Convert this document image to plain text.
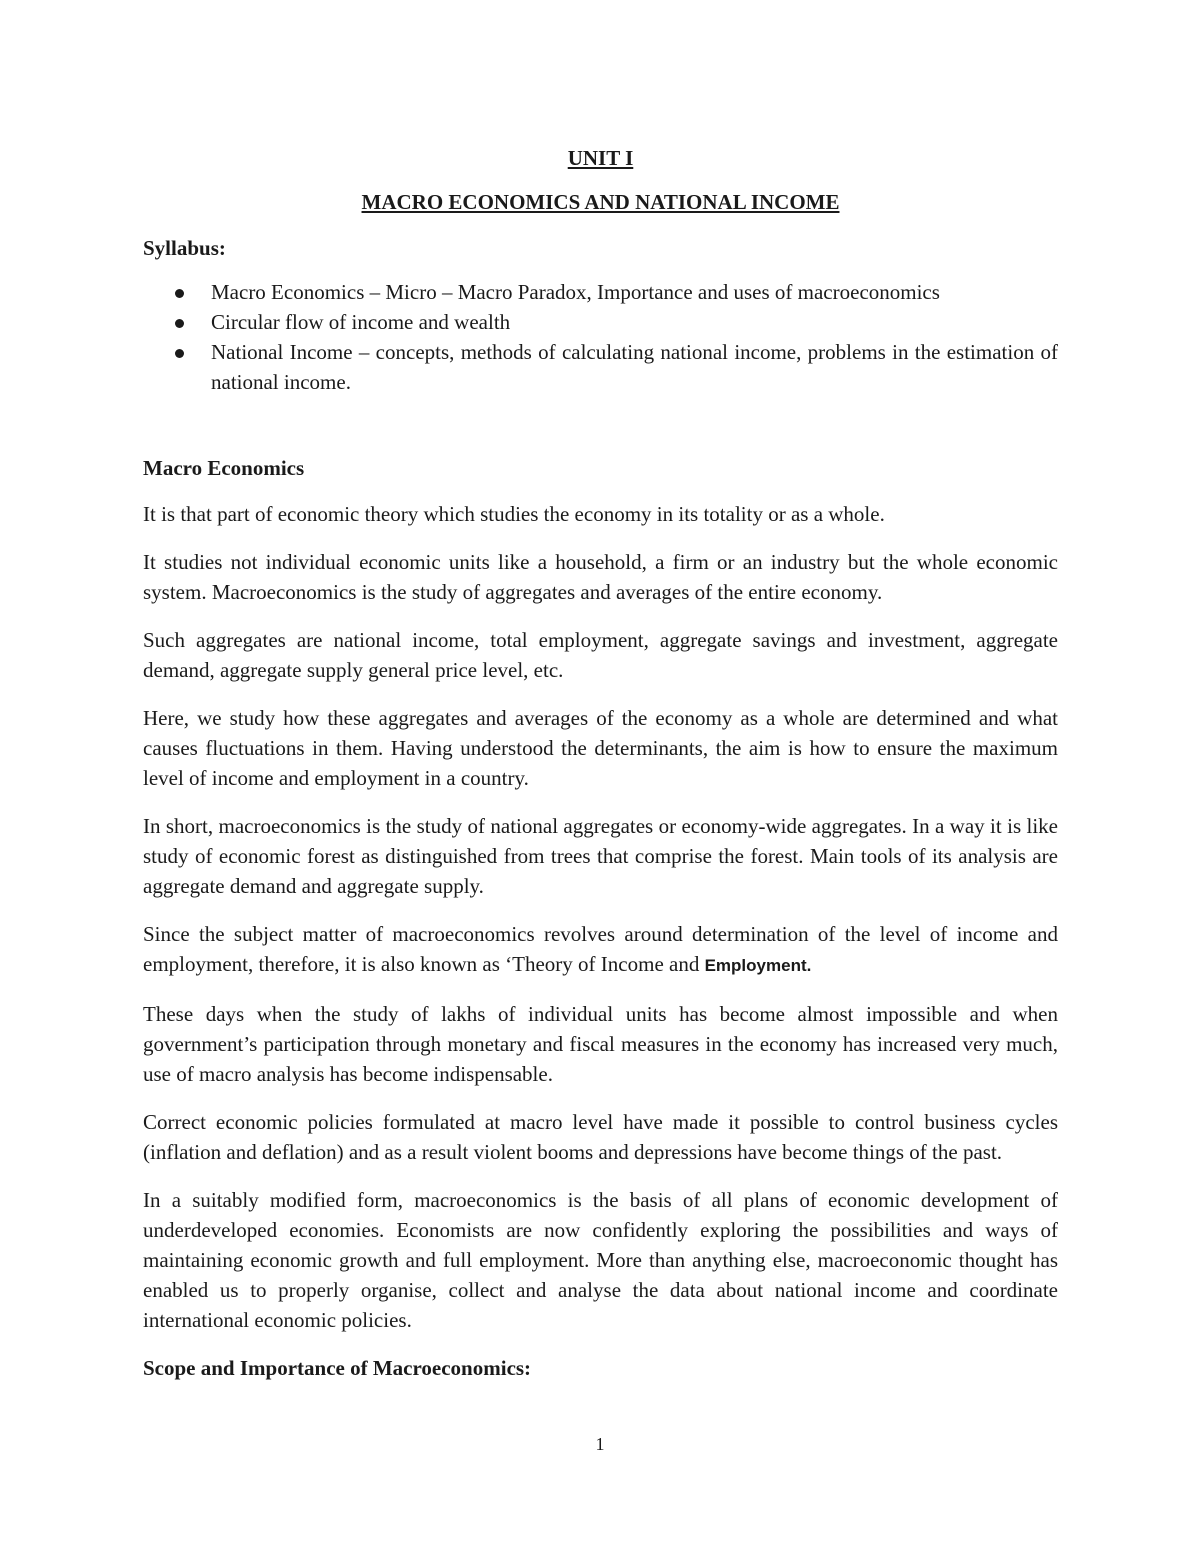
UNIT I

MACRO ECONOMICS AND NATIONAL INCOME

Syllabus:

Macro Economics – Micro – Macro Paradox, Importance and uses of macroeconomics
Circular flow of income and wealth
National Income – concepts, methods of calculating national income, problems in the estimation of national income.

Macro Economics

It is that part of economic theory which studies the economy in its totality or as a whole.

It studies not individual economic units like a household, a firm or an industry but the whole economic system. Macroeconomics is the study of aggregates and averages of the entire economy.

Such aggregates are national income, total employment, aggregate savings and investment, aggregate demand, aggregate supply general price level, etc.

Here, we study how these aggregates and averages of the economy as a whole are determined and what causes fluctuations in them. Having understood the determinants, the aim is how to ensure the maximum level of income and employment in a country.

In short, macroeconomics is the study of national aggregates or economy-wide aggregates. In a way it is like study of economic forest as distinguished from trees that comprise the forest. Main tools of its analysis are aggregate demand and aggregate supply.

Since the subject matter of macroeconomics revolves around determination of the level of income and employment, therefore, it is also known as ‘Theory of Income and Employment.

These days when the study of lakhs of individual units has become almost impossible and when government’s participation through monetary and fiscal measures in the economy has increased very much, use of macro analysis has become indispensable.

Correct economic policies formulated at macro level have made it possible to control business cycles (inflation and deflation) and as a result violent booms and depressions have become things of the past.

In a suitably modified form, macroeconomics is the basis of all plans of economic development of underdeveloped economies. Economists are now confidently exploring the possibilities and ways of maintaining economic growth and full employment. More than anything else, macroeconomic thought has enabled us to properly organise, collect and analyse the data about national income and coordinate international economic policies.

Scope and Importance of Macroeconomics:

1
